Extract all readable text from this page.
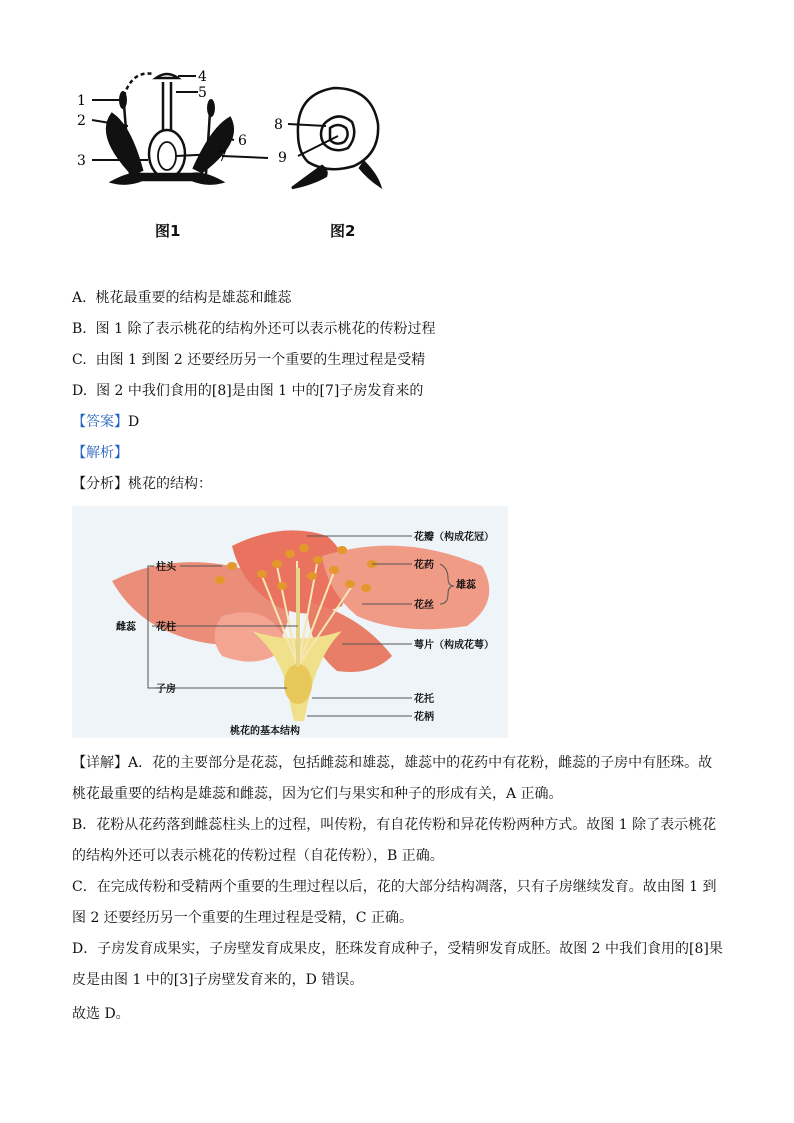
1
2
3
4
5
6
7
8
9
图1	图2
A. 桃花最重要的结构是雄蕊和雌蕊
B. 图 1 除了表示桃花的结构外还可以表示桃花的传粉过程
C. 由图 1 到图 2 还要经历另一个重要的生理过程是受精
D. 图 2 中我们食用的[8]是由图 1 中的[7]子房发育来的
【答案】D
【解析】
【分析】桃花的结构：
花瓣（构成花冠）
花药
雄蕊
花丝
萼片（构成花萼）
花托
花柄
柱头
雌蕊 花柱
子房
桃花的基本结构
【详解】A．花的主要部分是花蕊，包括雌蕊和雄蕊，雄蕊中的花药中有花粉，雌蕊的子房中有胚珠。故桃花最重要的结构是雄蕊和雌蕊，因为它们与果实和种子的形成有关，A 正确。
B．花粉从花药落到雌蕊柱头上的过程，叫传粉，有自花传粉和异花传粉两种方式。故图 1 除了表示桃花的结构外还可以表示桃花的传粉过程（自花传粉），B 正确。
C．在完成传粉和受精两个重要的生理过程以后，花的大部分结构凋落，只有子房继续发育。故由图 1 到图 2 还要经历另一个重要的生理过程是受精，C 正确。
D．子房发育成果实，子房壁发育成果皮，胚珠发育成种子，受精卵发育成胚。故图 2 中我们食用的[8]果皮是由图 1 中的[3]子房壁发育来的，D 错误。
故选 D。
